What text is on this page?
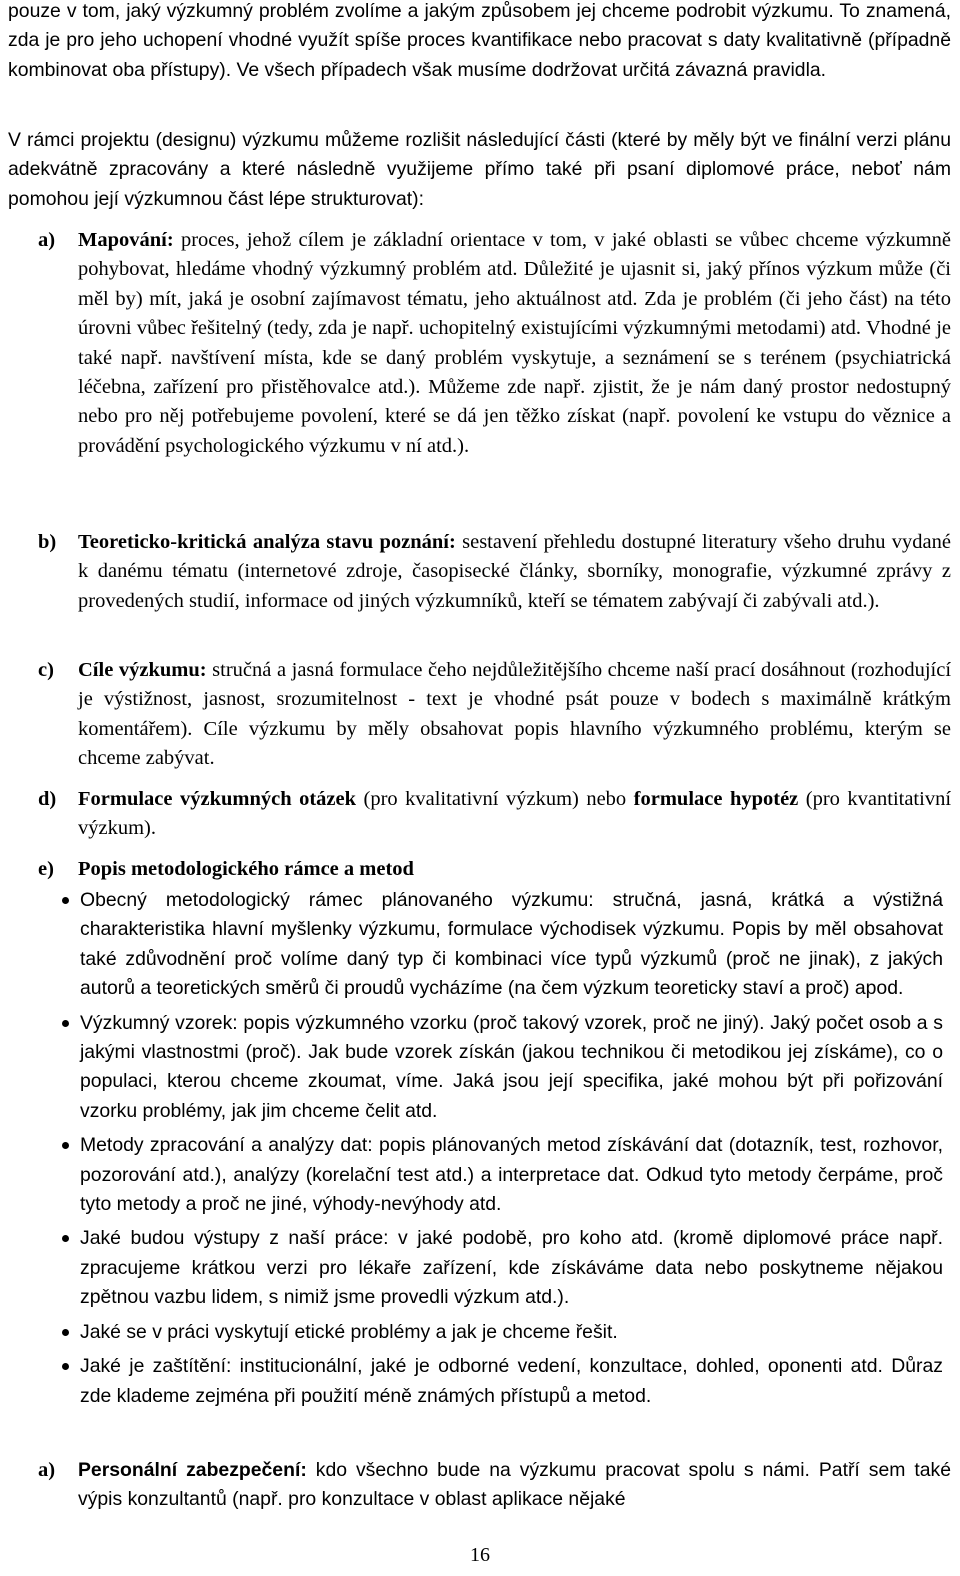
pouze v tom, jaký výzkumný problém zvolíme a jakým způsobem jej chceme podrobit výzkumu. To znamená, zda je pro jeho uchopení vhodné využít spíše proces kvantifikace nebo pracovat s daty kvalitativně (případně kombinovat oba přístupy). Ve všech případech však musíme dodržovat určitá závazná pravidla.

V rámci projektu (designu) výzkumu můžeme rozlišit následující části (které by měly být ve finální verzi plánu adekvátně zpracovány a které následně využijeme přímo také při psaní diplomové práce, neboť nám pomohou její výzkumnou část lépe strukturovat):

a)	Mapování: proces, jehož cílem je základní orientace v tom, v jaké oblasti se vůbec chceme výzkumně pohybovat, hledáme vhodný výzkumný problém atd. Důležité je ujasnit si, jaký přínos výzkum může (či měl by) mít, jaká je osobní zajímavost tématu, jeho aktuálnost atd. Zda je problém (či jeho část) na této úrovni vůbec řešitelný (tedy, zda je např. uchopitelný existujícími výzkumnými metodami) atd. Vhodné je také např. navštívení místa, kde se daný problém vyskytuje, a seznámení se s terénem (psychiatrická léčebna, zařízení pro přistěhovalce atd.). Můžeme zde např. zjistit, že je nám daný prostor nedostupný nebo pro něj potřebujeme povolení, které se dá jen těžko získat (např. povolení ke vstupu do věznice a provádění psychologického výzkumu v ní atd.).
b)	Teoreticko-kritická analýza stavu poznání: sestavení přehledu dostupné literatury všeho druhu vydané k danému tématu (internetové zdroje, časopisecké články, sborníky, monografie, výzkumné zprávy z provedených studií, informace od jiných výzkumníků, kteří se tématem zabývají či zabývali atd.).
c)	Cíle výzkumu: stručná a jasná formulace čeho nejdůležitějšího chceme naší prací dosáhnout (rozhodující je výstižnost, jasnost, srozumitelnost - text je vhodné psát pouze v bodech s maximálně krátkým komentářem). Cíle výzkumu by měly obsahovat popis hlavního výzkumného problému, kterým se chceme zabývat.
d)	Formulace výzkumných otázek (pro kvalitativní výzkum) nebo formulace hypotéz (pro kvantitativní výzkum).
e)	Popis metodologického rámce a metod

Obecný metodologický rámec plánovaného výzkumu: stručná, jasná, krátká a výstižná charakteristika hlavní myšlenky výzkumu, formulace východisek výzkumu. Popis by měl obsahovat také zdůvodnění proč volíme daný typ či kombinaci více typů výzkumů (proč ne jinak), z jakých autorů a teoretických směrů či proudů vycházíme (na čem výzkum teoreticky staví a proč) apod.

Výzkumný vzorek: popis výzkumného vzorku (proč takový vzorek, proč ne jiný). Jaký počet osob a s jakými vlastnostmi (proč). Jak bude vzorek získán (jakou technikou či metodikou jej získáme), co o populaci, kterou chceme zkoumat, víme. Jaká jsou její specifika, jaké mohou být při pořizování vzorku problémy, jak jim chceme čelit atd.

Metody zpracování a analýzy dat: popis plánovaných metod získávání dat (dotazník, test, rozhovor, pozorování atd.), analýzy (korelační test atd.) a interpretace dat. Odkud tyto metody čerpáme, proč tyto metody a proč ne jiné, výhody-nevýhody atd.

Jaké budou výstupy z naší práce: v jaké podobě, pro koho atd. (kromě diplomové práce např. zpracujeme krátkou verzi pro lékaře zařízení, kde získáváme data nebo poskytneme nějakou zpětnou vazbu lidem, s nimiž jsme provedli výzkum atd.).

Jaké se v práci vyskytují etické problémy a jak je chceme řešit.

Jaké je zaštítění: institucionální, jaké je odborné vedení, konzultace, dohled, oponenti atd. Důraz zde klademe zejména při použití méně známých přístupů a metod.

a)	Personální zabezpečení: kdo všechno bude na výzkumu pracovat spolu s námi. Patří sem také výpis konzultantů (např. pro konzultace v oblast aplikace nějaké
16
